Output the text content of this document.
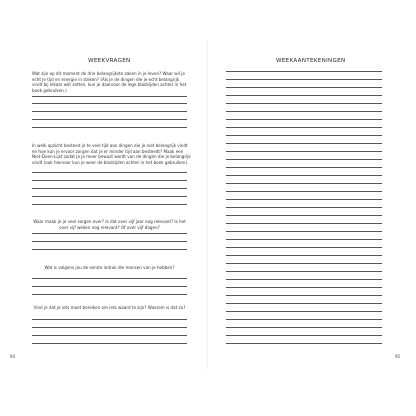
WEEKVRAGEN
Wat zijn op dit moment de drie belangrijkste zaken in je leven? Waar wil je echt je tijd en energie in steken? (Als je de dingen die je echt belangrijk vindt bij elkaar wilt zetten, kun je daarvoor de lege bladzijden achter in het boek gebruiken.)
In welk opzicht besteed je te veel tijd aan dingen die je niet belangrijk vindt en hoe kun je ervoor zorgen dat je er minder tijd aan besteedt? Maak een Niet-Doen-Lijst zodat je je meer bewust wordt van de dingen die je belangrijk vindt (ook hiervoor kun je weer de bladzijden achter in het boek gebruiken).
Waar maak je je veel zorgen over? Is dat over vijf jaar nog relevant? Is het over vijf weken nog relevant? Of over vijf dagen?
Wat is volgens jou de eerste indruk die mensen van je hebben?
Vind je dat je iets moet bereiken om iets waard te zijn? Waarom is dat zo?
94	95
WEEKAANTEKENINGEN
